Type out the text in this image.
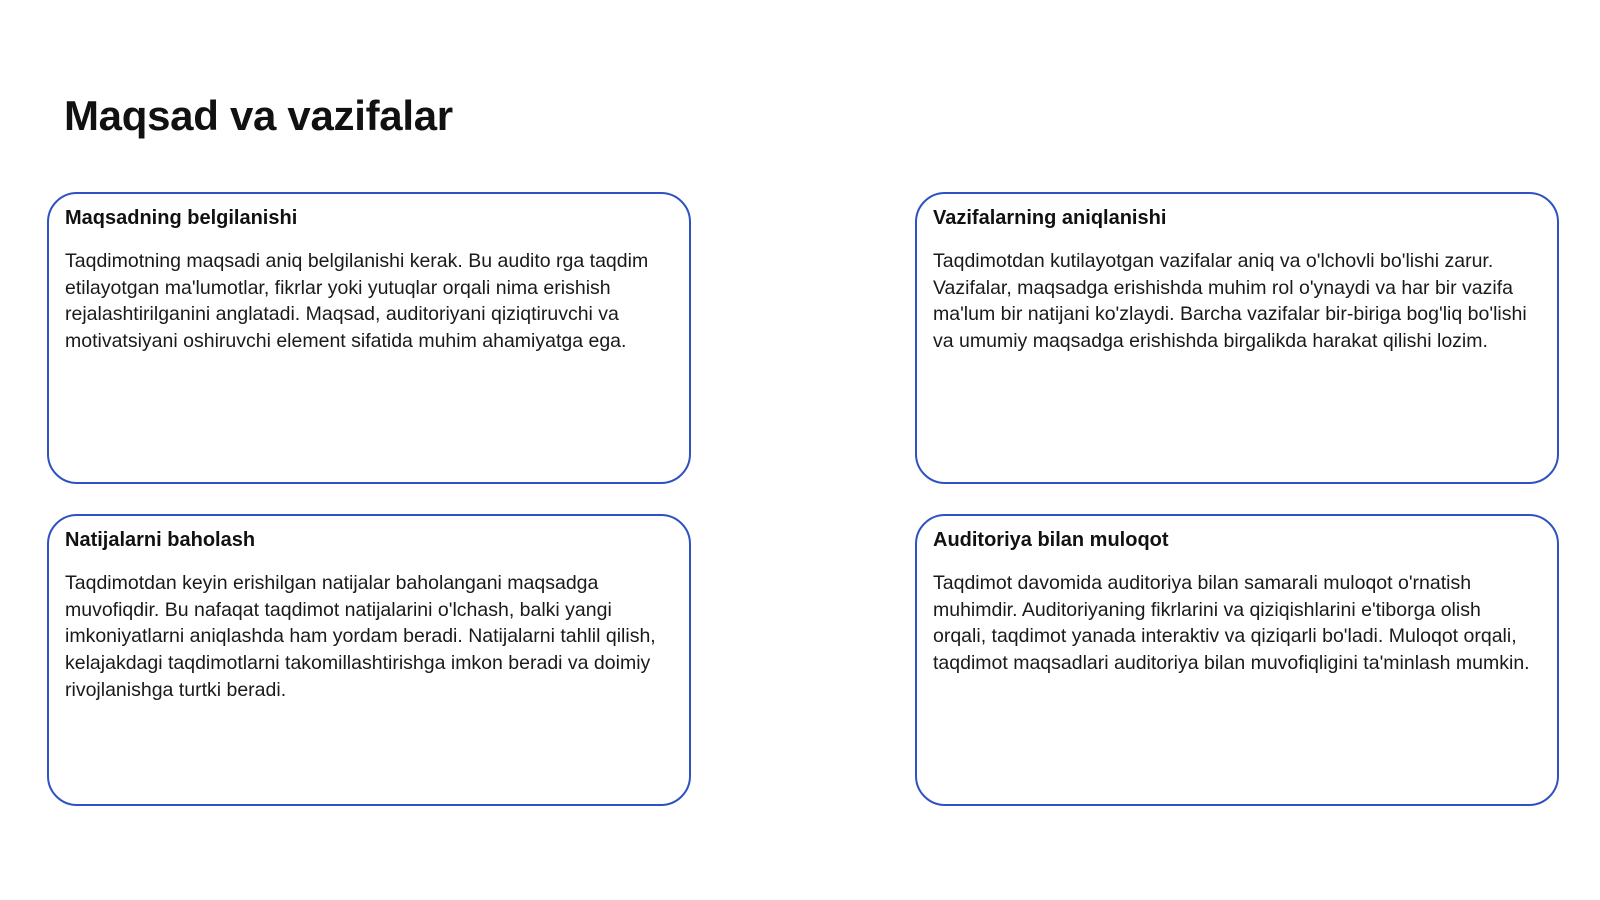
Maqsad va vazifalar
Maqsadning belgilanishi

Taqdimotning maqsadi aniq belgilanishi kerak. Bu audito rga taqdim etilayotgan ma'lumotlar, fikrlar yoki yutuqlar orqali nima erishish rejalashtirilganini anglatadi. Maqsad, auditoriyani qiziqtiruvchi va motivatsiyani oshiruvchi element sifatida muhim ahamiyatga ega.

Vazifalarning aniqlanishi

Taqdimotdan kutilayotgan vazifalar aniq va o'lchovli bo'lishi zarur. Vazifalar, maqsadga erishishda muhim rol o'ynaydi va har bir vazifa ma'lum bir natijani ko'zlaydi. Barcha vazifalar bir-biriga bog'liq bo'lishi va umumiy maqsadga erishishda birgalikda harakat qilishi lozim.

Natijalarni baholash

Taqdimotdan keyin erishilgan natijalar baholangani maqsadga muvofiqdir. Bu nafaqat taqdimot natijalarini o'lchash, balki yangi imkoniyatlarni aniqlashda ham yordam beradi. Natijalarni tahlil qilish, kelajakdagi taqdimotlarni takomillashtirishga imkon beradi va doimiy rivojlanishga turtki beradi.

Auditoriya bilan muloqot

Taqdimot davomida auditoriya bilan samarali muloqot o'rnatish muhimdir. Auditoriyaning fikrlarini va qiziqishlarini e'tiborga olish orqali, taqdimot yanada interaktiv va qiziqarli bo'ladi. Muloqot orqali, taqdimot maqsadlari auditoriya bilan muvofiqligini ta'minlash mumkin.
